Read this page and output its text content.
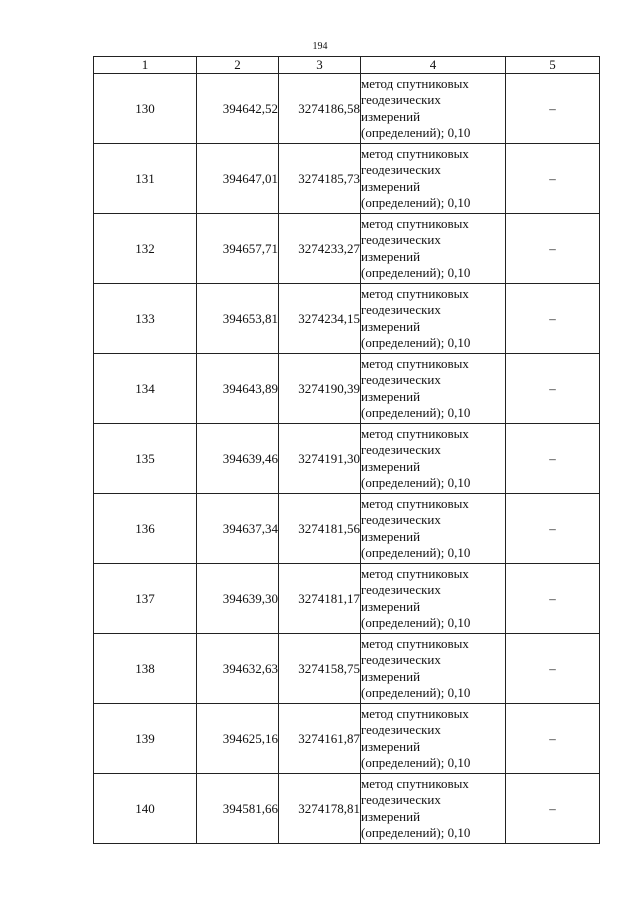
194
1	2	3	4	5
130	394642,52	3274186,58	метод спутниковых
геодезических
измерений
(определений); 0,10	–
131	394647,01	3274185,73	метод спутниковых
геодезических
измерений
(определений); 0,10	–
132	394657,71	3274233,27	метод спутниковых
геодезических
измерений
(определений); 0,10	–
133	394653,81	3274234,15	метод спутниковых
геодезических
измерений
(определений); 0,10	–
134	394643,89	3274190,39	метод спутниковых
геодезических
измерений
(определений); 0,10	–
135	394639,46	3274191,30	метод спутниковых
геодезических
измерений
(определений); 0,10	–
136	394637,34	3274181,56	метод спутниковых
геодезических
измерений
(определений); 0,10	–
137	394639,30	3274181,17	метод спутниковых
геодезических
измерений
(определений); 0,10	–
138	394632,63	3274158,75	метод спутниковых
геодезических
измерений
(определений); 0,10	–
139	394625,16	3274161,87	метод спутниковых
геодезических
измерений
(определений); 0,10	–
140	394581,66	3274178,81	метод спутниковых
геодезических
измерений
(определений); 0,10	–
